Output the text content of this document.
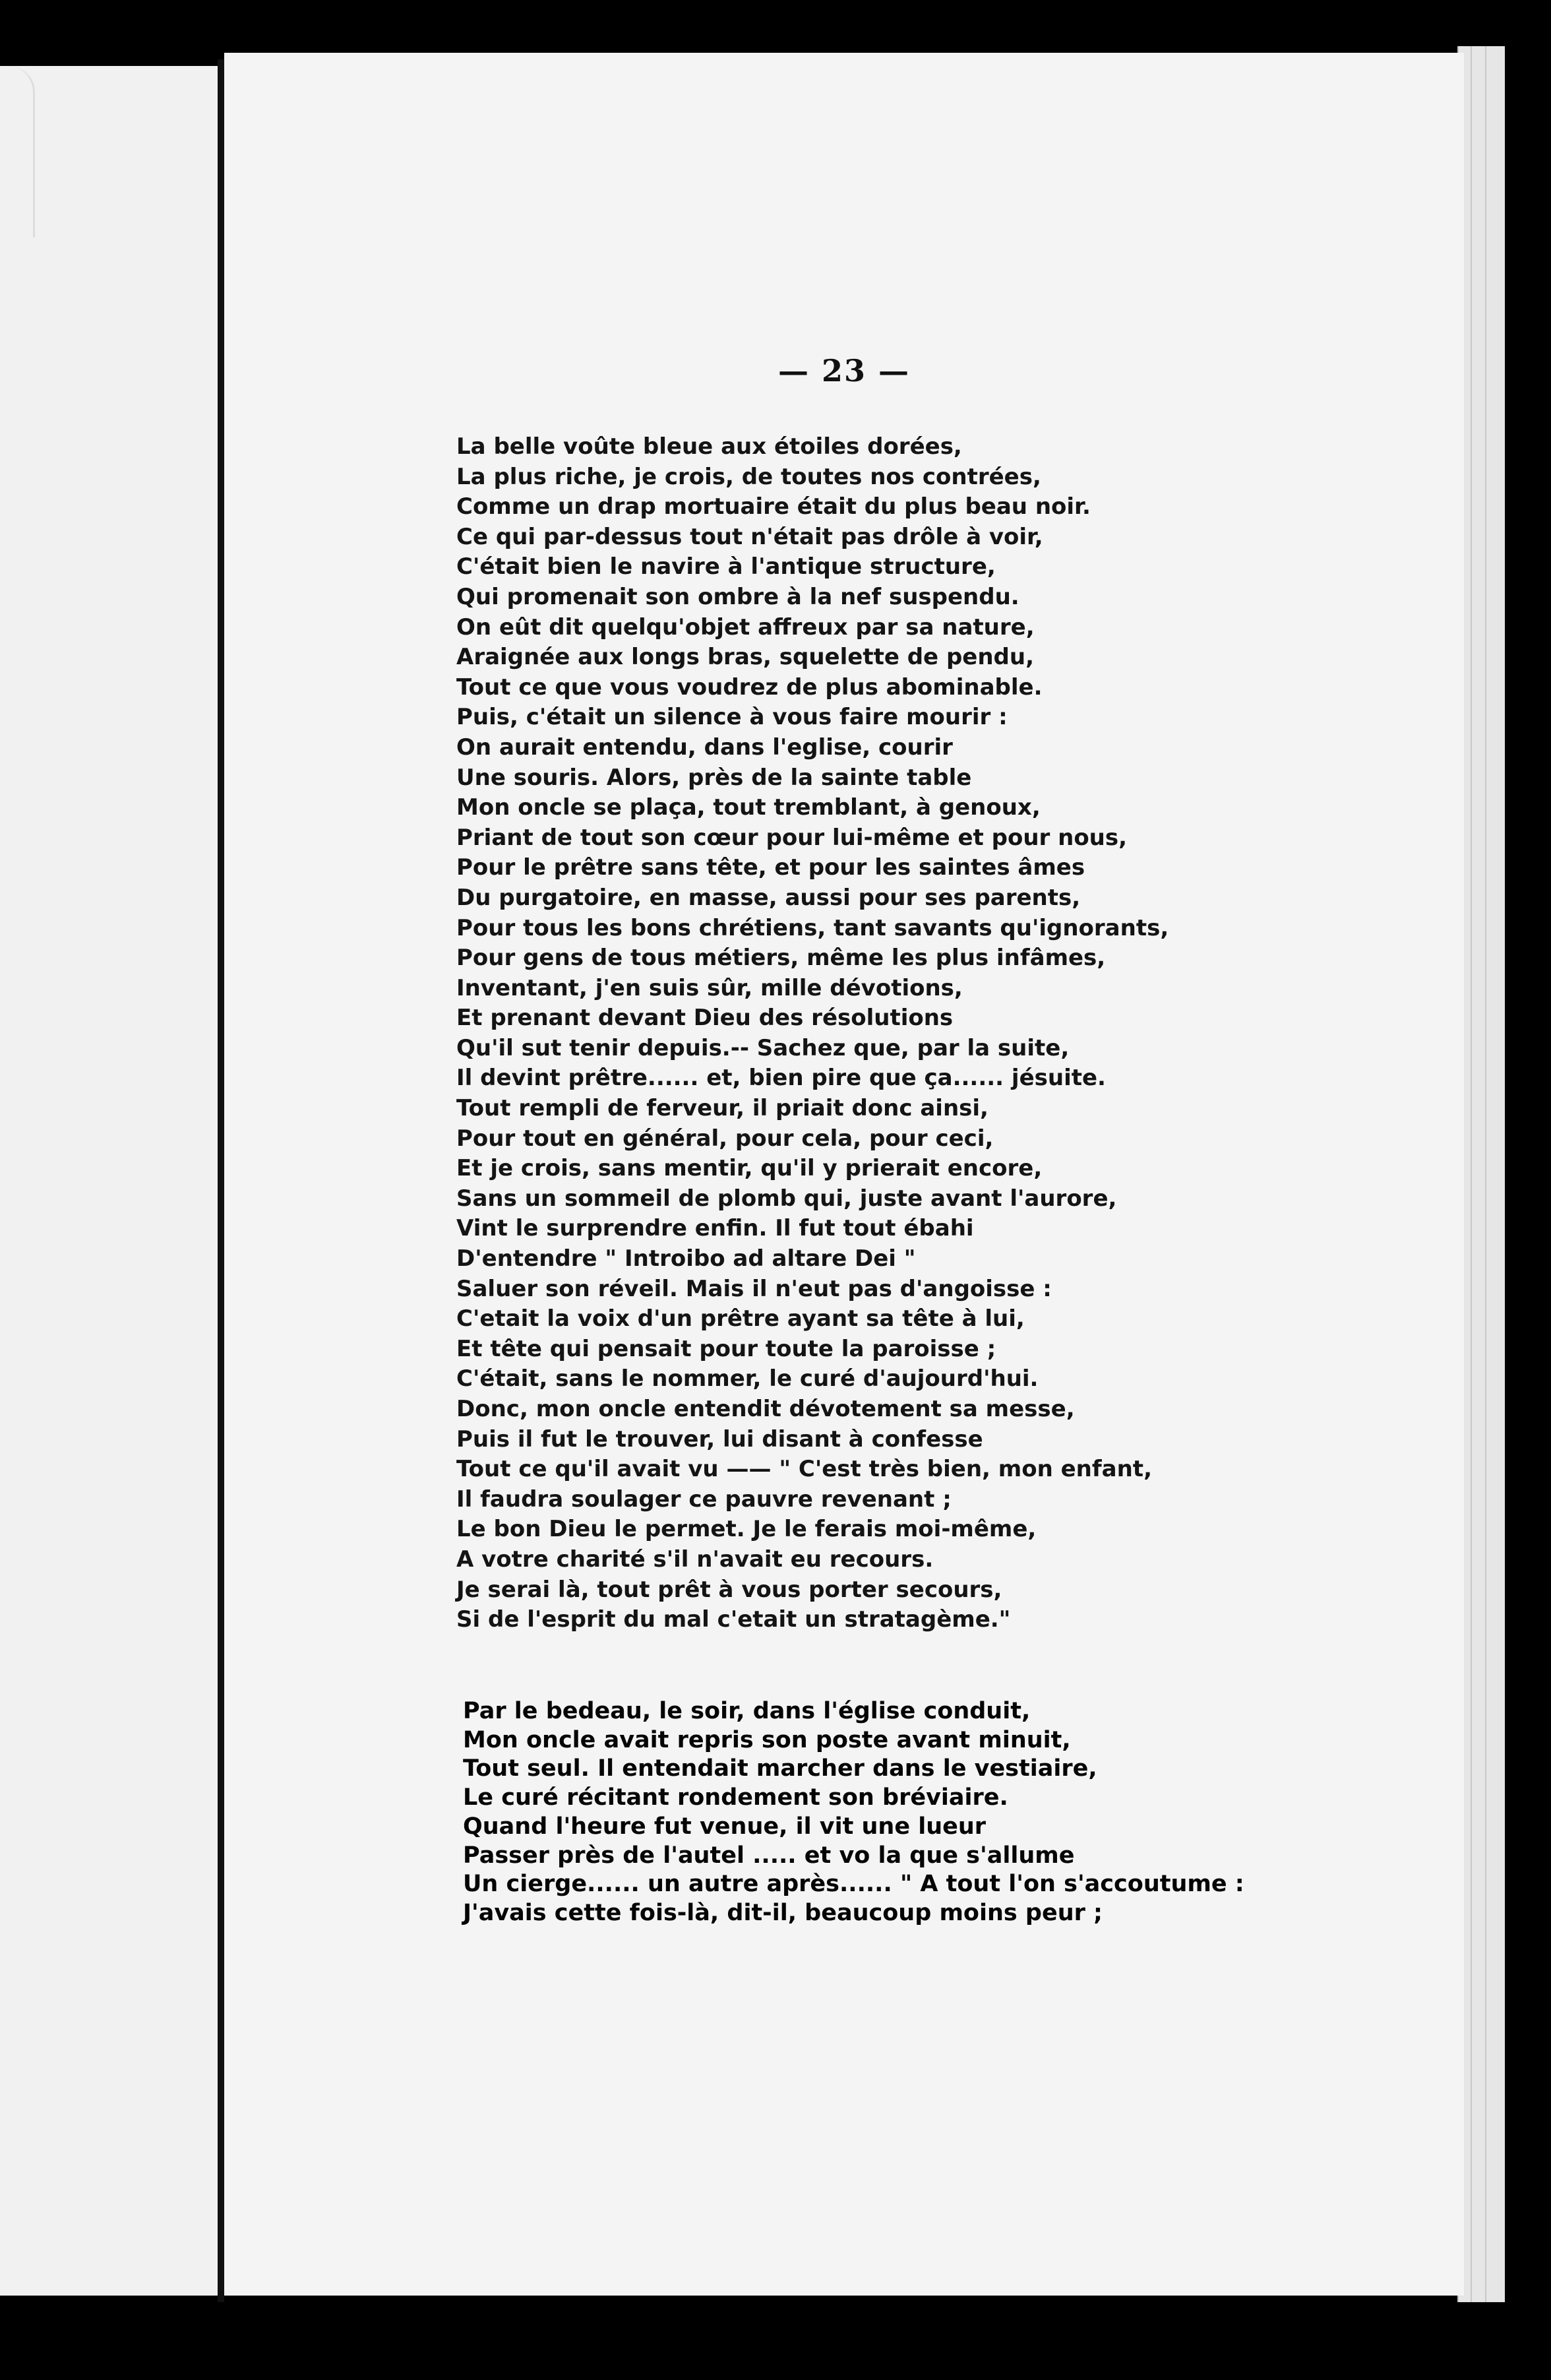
— 23 —
La belle voûte bleue aux étoiles dorées,
La plus riche, je crois, de toutes nos contrées,
Comme un drap mortuaire était du plus beau noir.
Ce qui par-dessus tout n'était pas drôle à voir,
C'était bien le navire à l'antique structure,
Qui promenait son ombre à la nef suspendu.
On eût dit quelqu'objet affreux par sa nature,
Araignée aux longs bras, squelette de pendu,
Tout ce que vous voudrez de plus abominable.
Puis, c'était un silence à vous faire mourir :
On aurait entendu, dans l'eglise, courir
Une souris. Alors, près de la sainte table
Mon oncle se plaça, tout tremblant, à genoux,
Priant de tout son cœur pour lui-même et pour nous,
Pour le prêtre sans tête, et pour les saintes âmes
Du purgatoire, en masse, aussi pour ses parents,
Pour tous les bons chrétiens, tant savants qu'ignorants,
Pour gens de tous métiers, même les plus infâmes,
Inventant, j'en suis sûr, mille dévotions,
Et prenant devant Dieu des résolutions
Qu'il sut tenir depuis.-- Sachez que, par la suite,
Il devint prêtre...... et, bien pire que ça...... jésuite.
Tout rempli de ferveur, il priait donc ainsi,
Pour tout en général, pour cela, pour ceci,
Et je crois, sans mentir, qu'il y prierait encore,
Sans un sommeil de plomb qui, juste avant l'aurore,
Vint le surprendre enfin. Il fut tout ébahi
D'entendre " Introibo ad altare Dei "
Saluer son réveil. Mais il n'eut pas d'angoisse :
C'etait la voix d'un prêtre ayant sa tête à lui,
Et tête qui pensait pour toute la paroisse ;
C'était, sans le nommer, le curé d'aujourd'hui.
Donc, mon oncle entendit dévotement sa messe,
Puis il fut le trouver, lui disant à confesse
Tout ce qu'il avait vu —— " C'est très bien, mon enfant,
Il faudra soulager ce pauvre revenant ;
Le bon Dieu le permet. Je le ferais moi-même,
A votre charité s'il n'avait eu recours.
Je serai là, tout prêt à vous porter secours,
Si de l'esprit du mal c'etait un stratagème."
Par le bedeau, le soir, dans l'église conduit,
Mon oncle avait repris son poste avant minuit,
Tout seul. Il entendait marcher dans le vestiaire,
Le curé récitant rondement son bréviaire.
Quand l'heure fut venue, il vit une lueur
Passer près de l'autel ..... et vo la que s'allume
Un cierge...... un autre après...... " A tout l'on s'accoutume :
J'avais cette fois-là, dit-il, beaucoup moins peur ;
